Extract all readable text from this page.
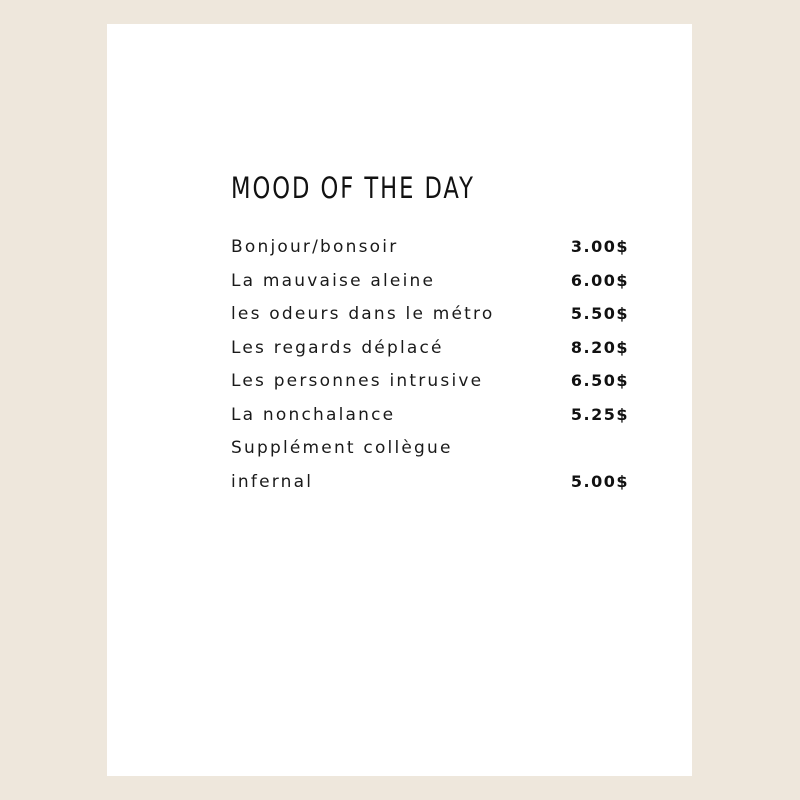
MOOD OF THE DAY
Bonjour/bonsoir	3.00$
La mauvaise aleine	6.00$
les odeurs dans le métro	5.50$
Les regards déplacé	8.20$
Les personnes intrusive	6.50$
La nonchalance	5.25$
Supplément collègue
infernal	5.00$
